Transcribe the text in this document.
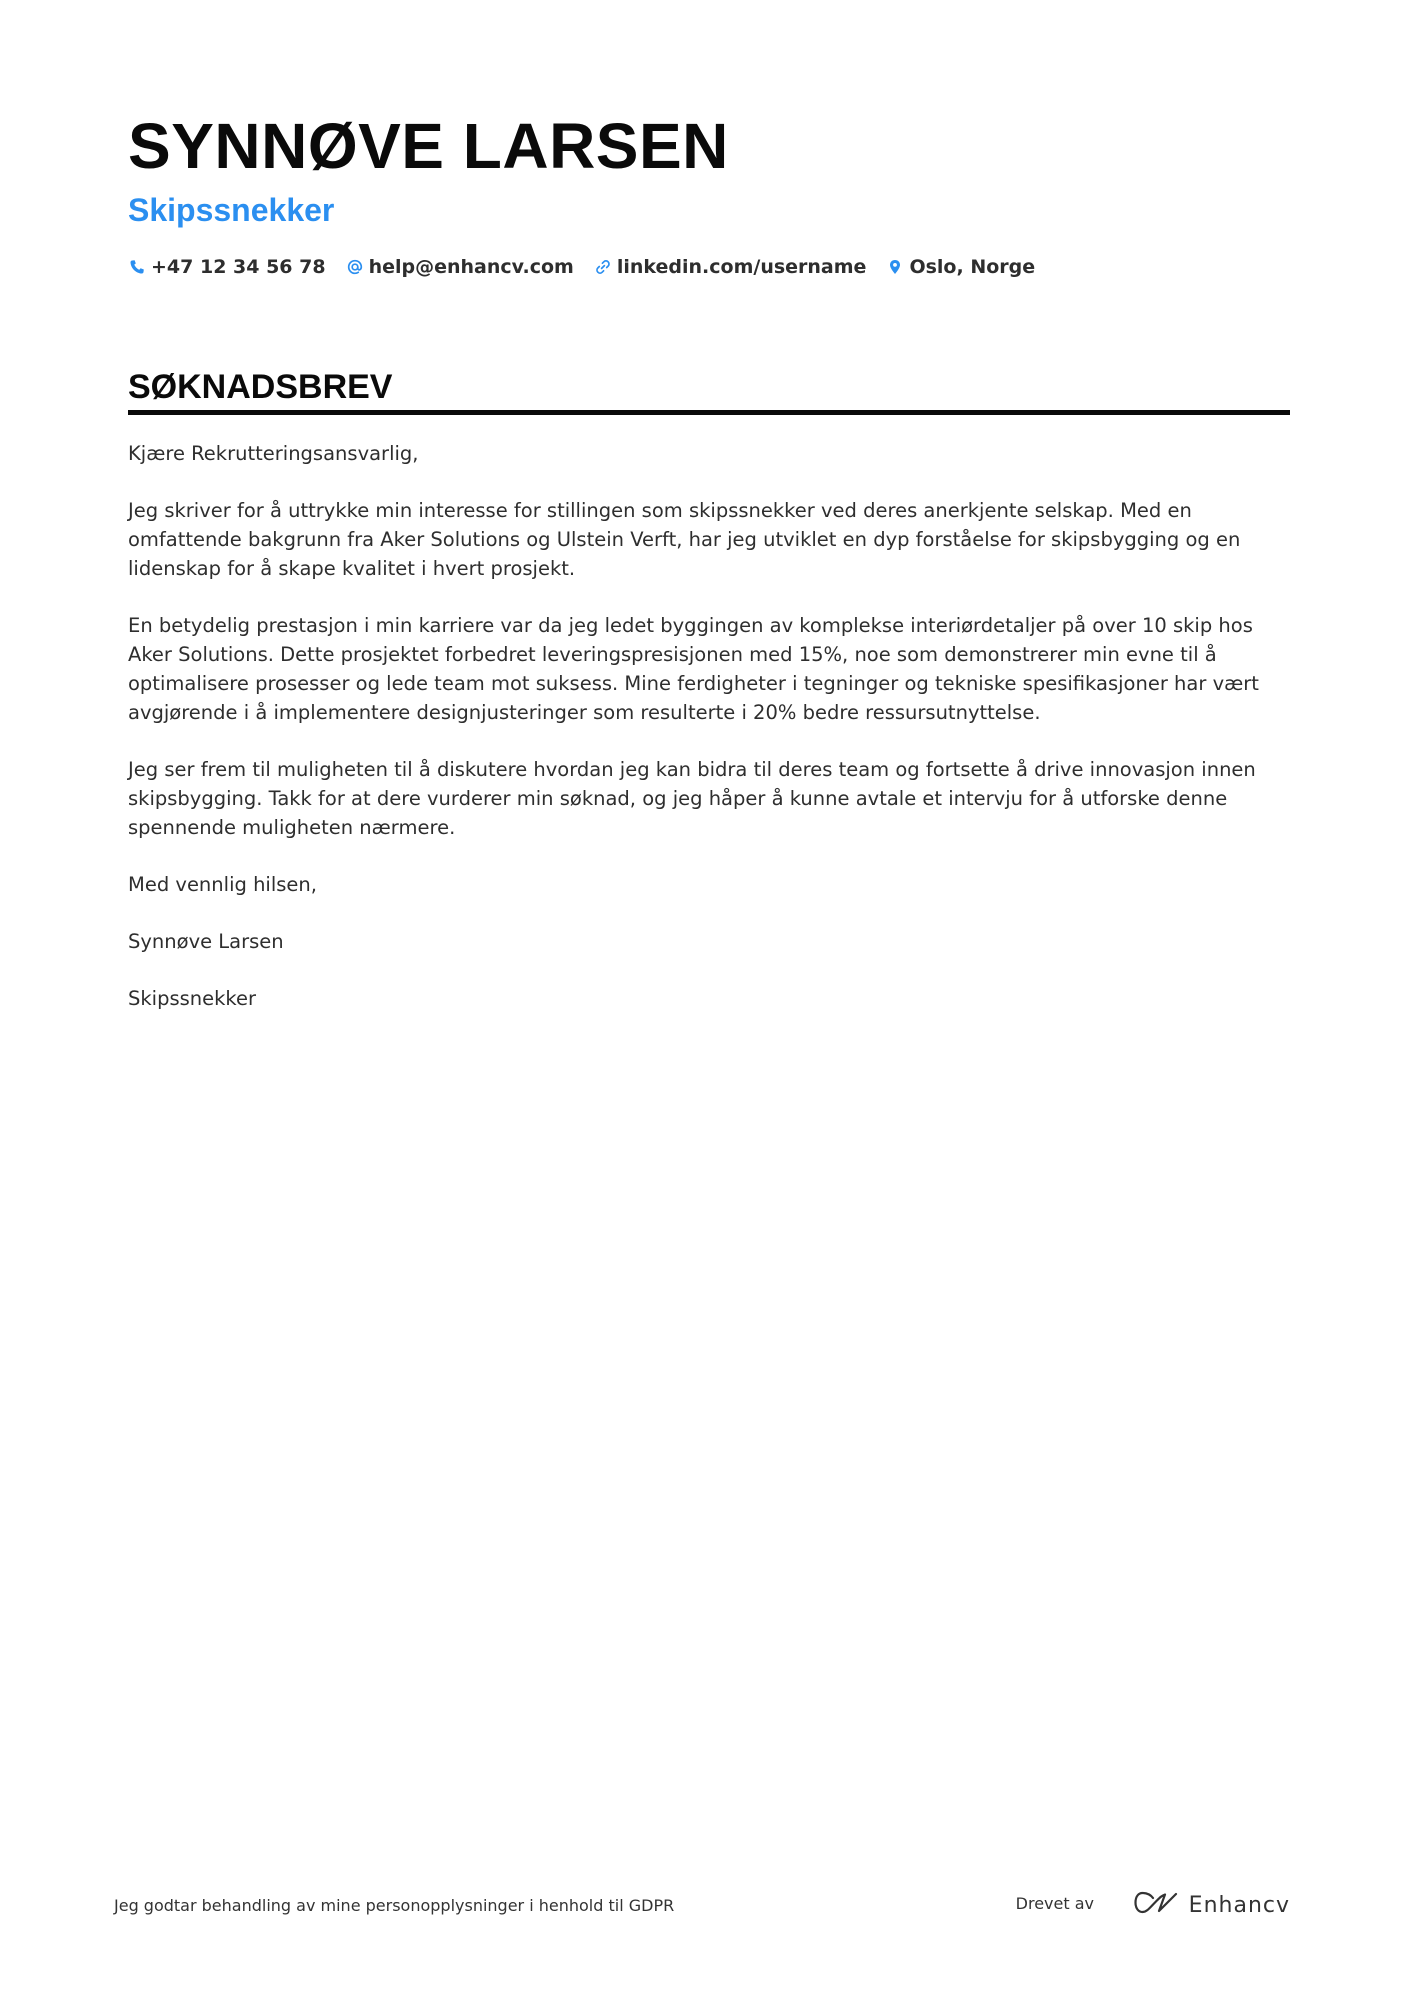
SYNNØVE LARSEN
Skipssnekker
+47 12 34 56 78 help@enhancv.com linkedin.com/username Oslo, Norge
SØKNADSBREV

Kjære Rekrutteringsansvarlig,

Jeg skriver for å uttrykke min interesse for stillingen som skipssnekker ved deres anerkjente selskap. Med en omfattende bakgrunn fra Aker Solutions og Ulstein Verft, har jeg utviklet en dyp forståelse for skipsbygging og en lidenskap for å skape kvalitet i hvert prosjekt.

En betydelig prestasjon i min karriere var da jeg ledet byggingen av komplekse interiørdetaljer på over 10 skip hos Aker Solutions. Dette prosjektet forbedret leveringspresisjonen med 15%, noe som demonstrerer min evne til å optimalisere prosesser og lede team mot suksess. Mine ferdigheter i tegninger og tekniske spesifikasjoner har vært avgjørende i å implementere designjusteringer som resulterte i 20% bedre ressursutnyttelse.

Jeg ser frem til muligheten til å diskutere hvordan jeg kan bidra til deres team og fortsette å drive innovasjon innen skipsbygging. Takk for at dere vurderer min søknad, og jeg håper å kunne avtale et intervju for å utforske denne spennende muligheten nærmere.

Med vennlig hilsen,

Synnøve Larsen

Skipssnekker

Jeg godtar behandling av mine personopplysninger i henhold til GDPR	Drevet av	Enhancv
